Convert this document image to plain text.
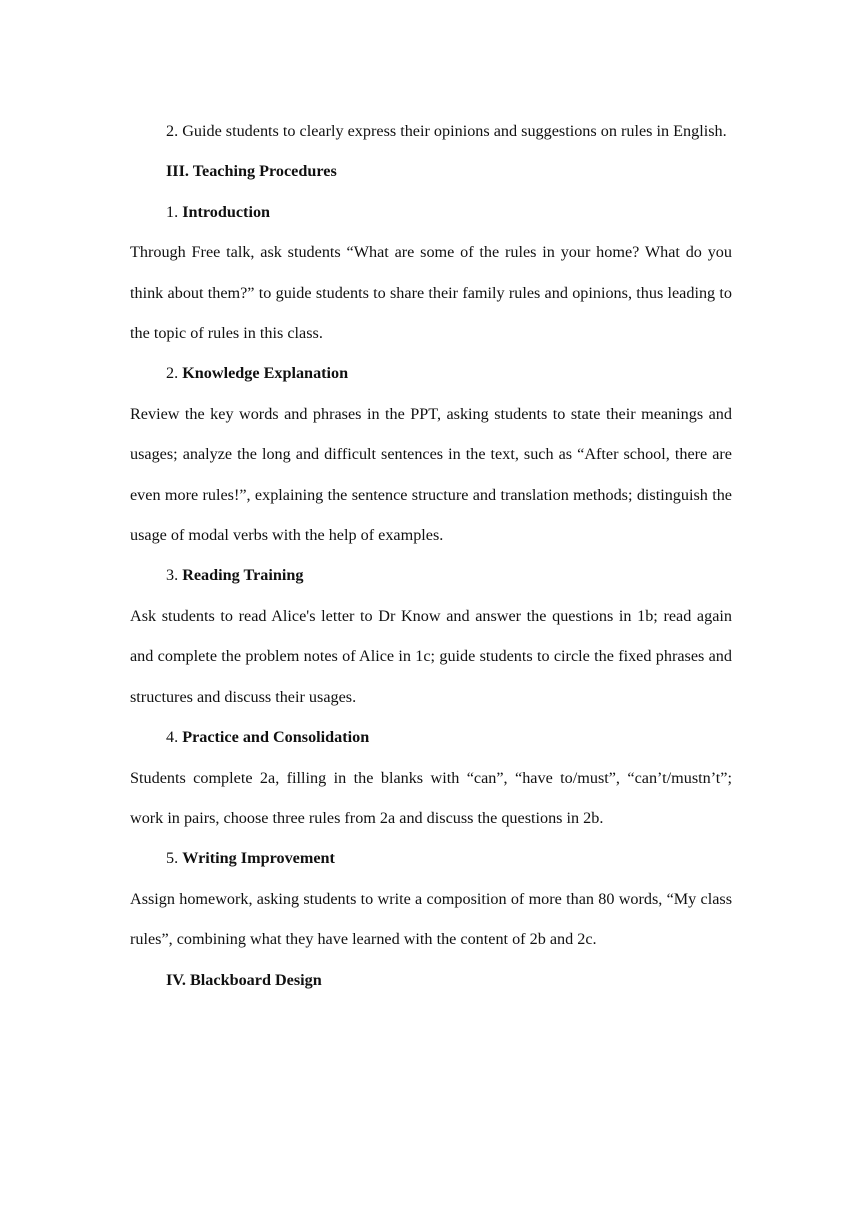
2. Guide students to clearly express their opinions and suggestions on rules in English.

III. Teaching Procedures

1. Introduction

Through Free talk, ask students “What are some of the rules in your home? What do you think about them?” to guide students to share their family rules and opinions, thus leading to the topic of rules in this class.

2. Knowledge Explanation

Review the key words and phrases in the PPT, asking students to state their meanings and usages; analyze the long and difficult sentences in the text, such as “After school, there are even more rules!”, explaining the sentence structure and translation methods; distinguish the usage of modal verbs with the help of examples.

3. Reading Training

Ask students to read Alice's letter to Dr Know and answer the questions in 1b; read again and complete the problem notes of Alice in 1c; guide students to circle the fixed phrases and structures and discuss their usages.

4. Practice and Consolidation

Students complete 2a, filling in the blanks with “can”, “have to/must”, “can’t/mustn’t”; work in pairs, choose three rules from 2a and discuss the questions in 2b.

5. Writing Improvement

Assign homework, asking students to write a composition of more than 80 words, “My class rules”, combining what they have learned with the content of 2b and 2c.

IV. Blackboard Design
